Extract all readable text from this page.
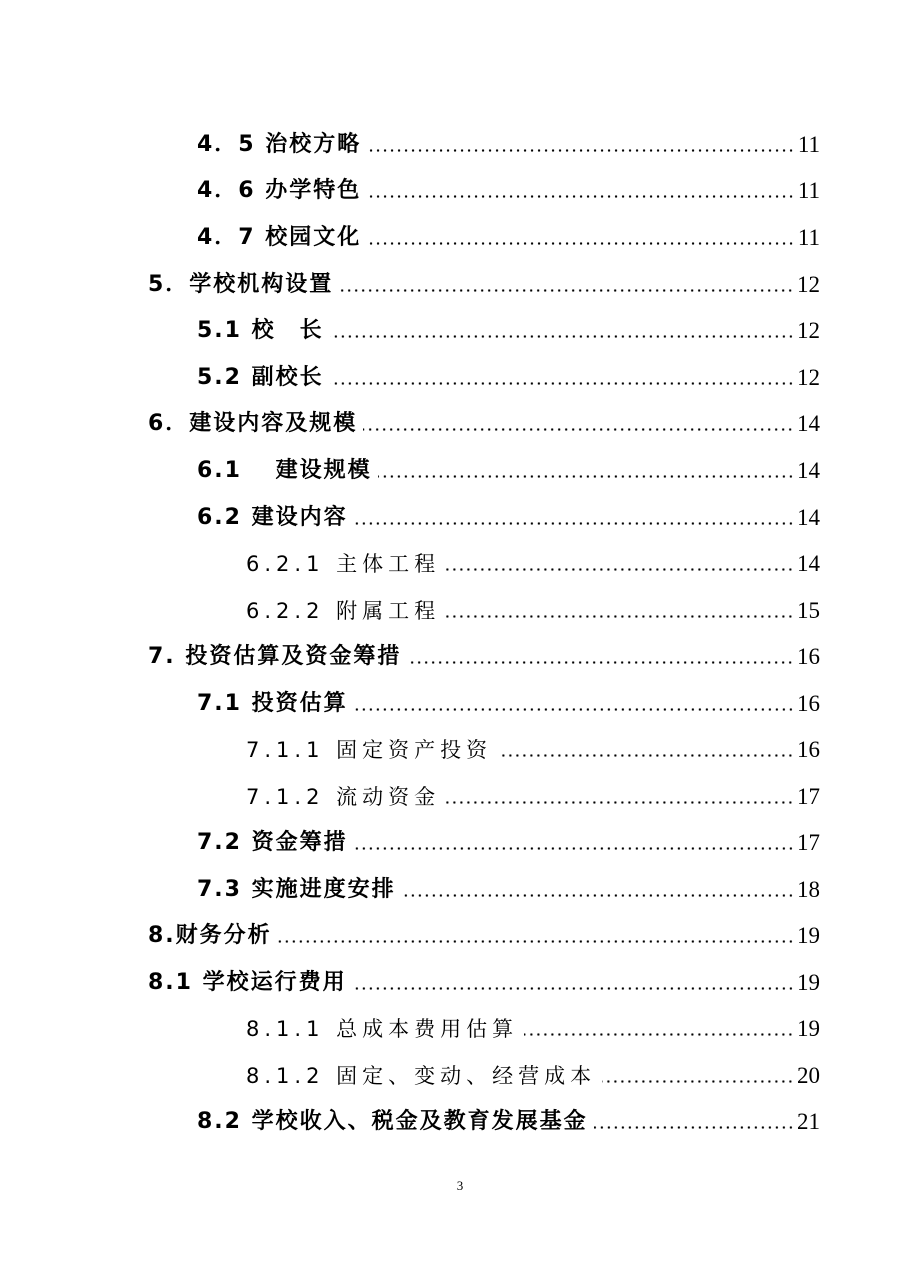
4．5 治校方略	11
4．6 办学特色	11
4．7 校园文化	11
5．学校机构设置	12
5.1 校　长	12
5.2 副校长	12
6．建设内容及规模	14
6.1　 建设规模	14
6.2 建设内容	14
6.2.1 主体工程	14
6.2.2 附属工程	15
7. 投资估算及资金筹措	16
7.1 投资估算	16
7.1.1 固定资产投资	16
7.1.2 流动资金	17
7.2 资金筹措	17
7.3 实施进度安排	18
8.财务分析	19
8.1 学校运行费用	19
8.1.1 总成本费用估算	19
8.1.2 固定、变动、经营成本	20
8.2 学校收入、税金及教育发展基金	21
3
